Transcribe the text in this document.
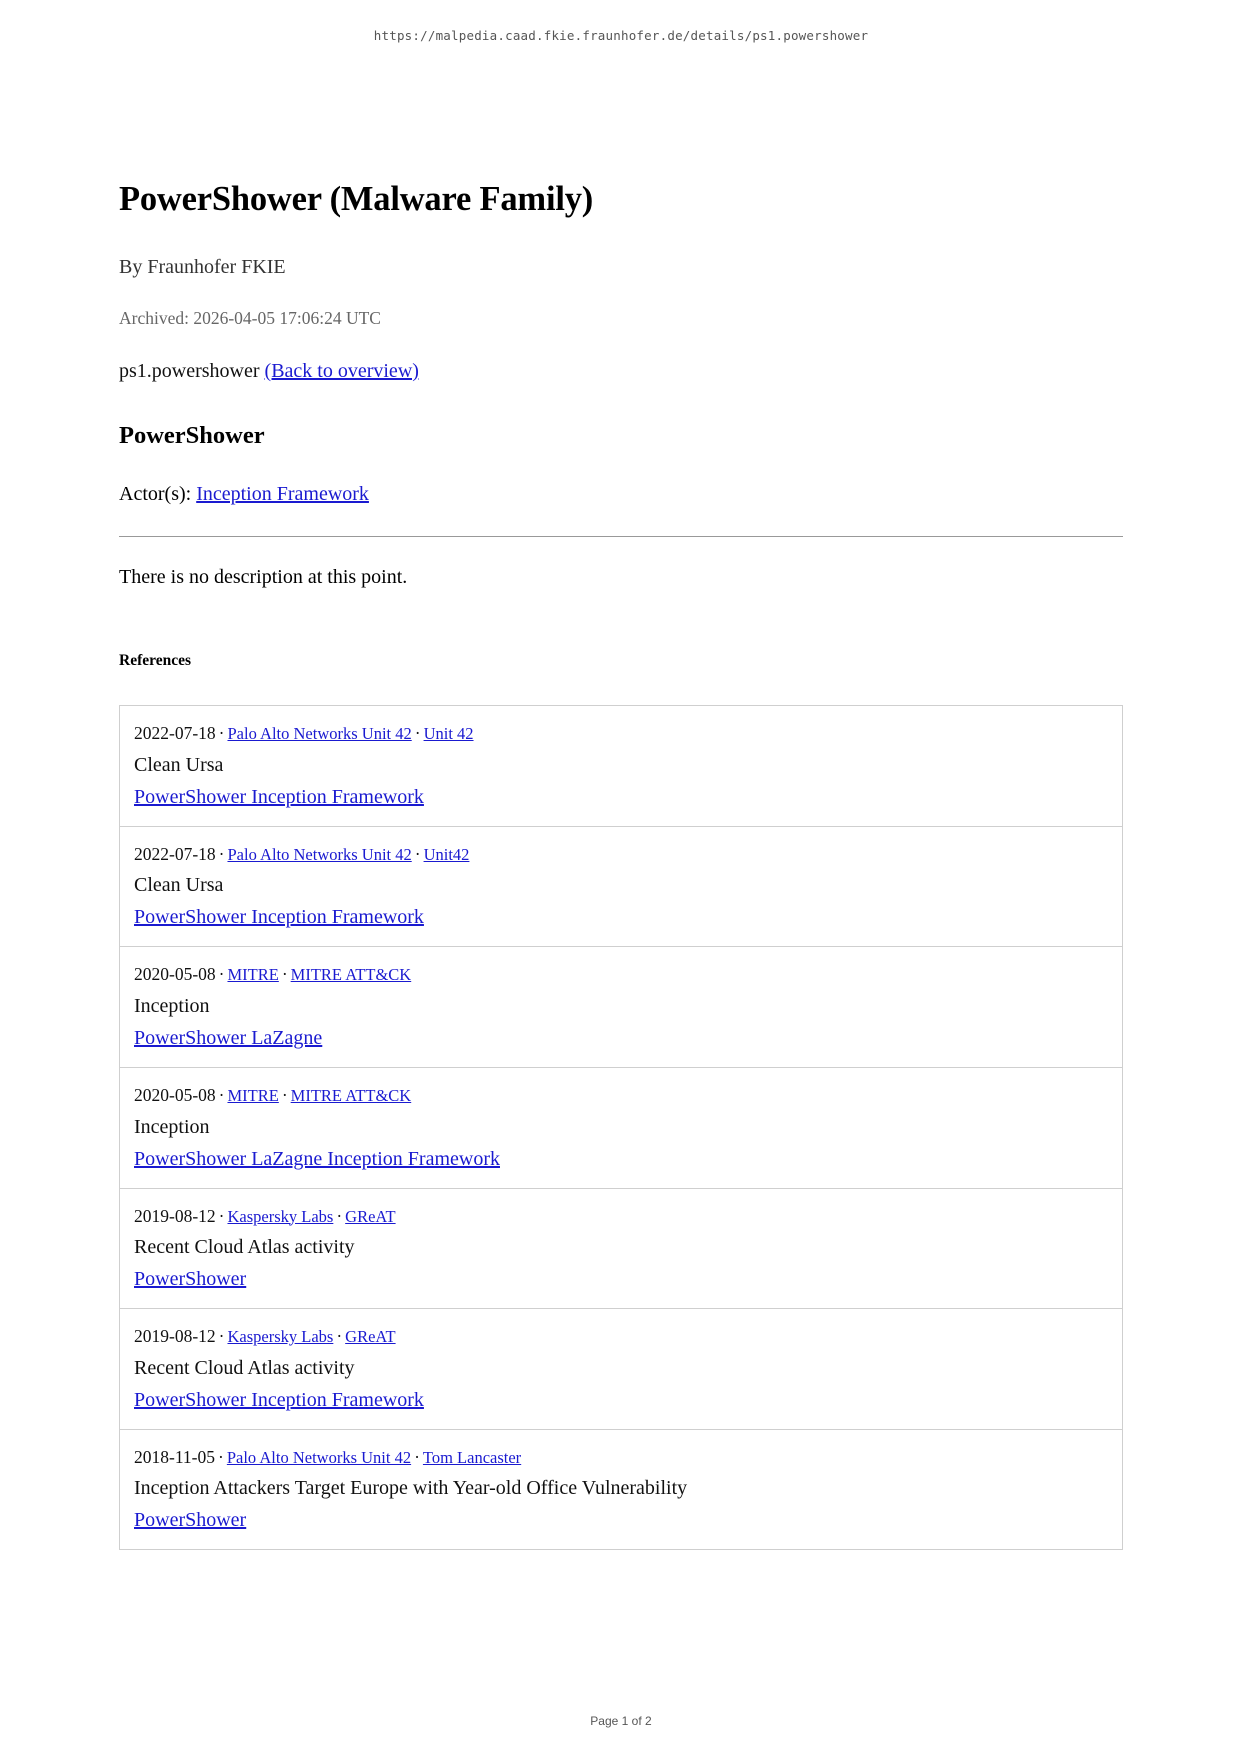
https://malpedia.caad.fkie.fraunhofer.de/details/ps1.powershower
PowerShower (Malware Family)
By Fraunhofer FKIE
Archived: 2026-04-05 17:06:24 UTC
ps1.powershower (Back to overview)
PowerShower
Actor(s): Inception Framework
There is no description at this point.
References
2022-07-18 · Palo Alto Networks Unit 42 · Unit 42
Clean Ursa
PowerShower Inception Framework
2022-07-18 · Palo Alto Networks Unit 42 · Unit42
Clean Ursa
PowerShower Inception Framework
2020-05-08 · MITRE · MITRE ATT&CK
Inception
PowerShower LaZagne
2020-05-08 · MITRE · MITRE ATT&CK
Inception
PowerShower LaZagne Inception Framework
2019-08-12 · Kaspersky Labs · GReAT
Recent Cloud Atlas activity
PowerShower
2019-08-12 · Kaspersky Labs · GReAT
Recent Cloud Atlas activity
PowerShower Inception Framework
2018-11-05 · Palo Alto Networks Unit 42 · Tom Lancaster
Inception Attackers Target Europe with Year-old Office Vulnerability
PowerShower
Page 1 of 2
